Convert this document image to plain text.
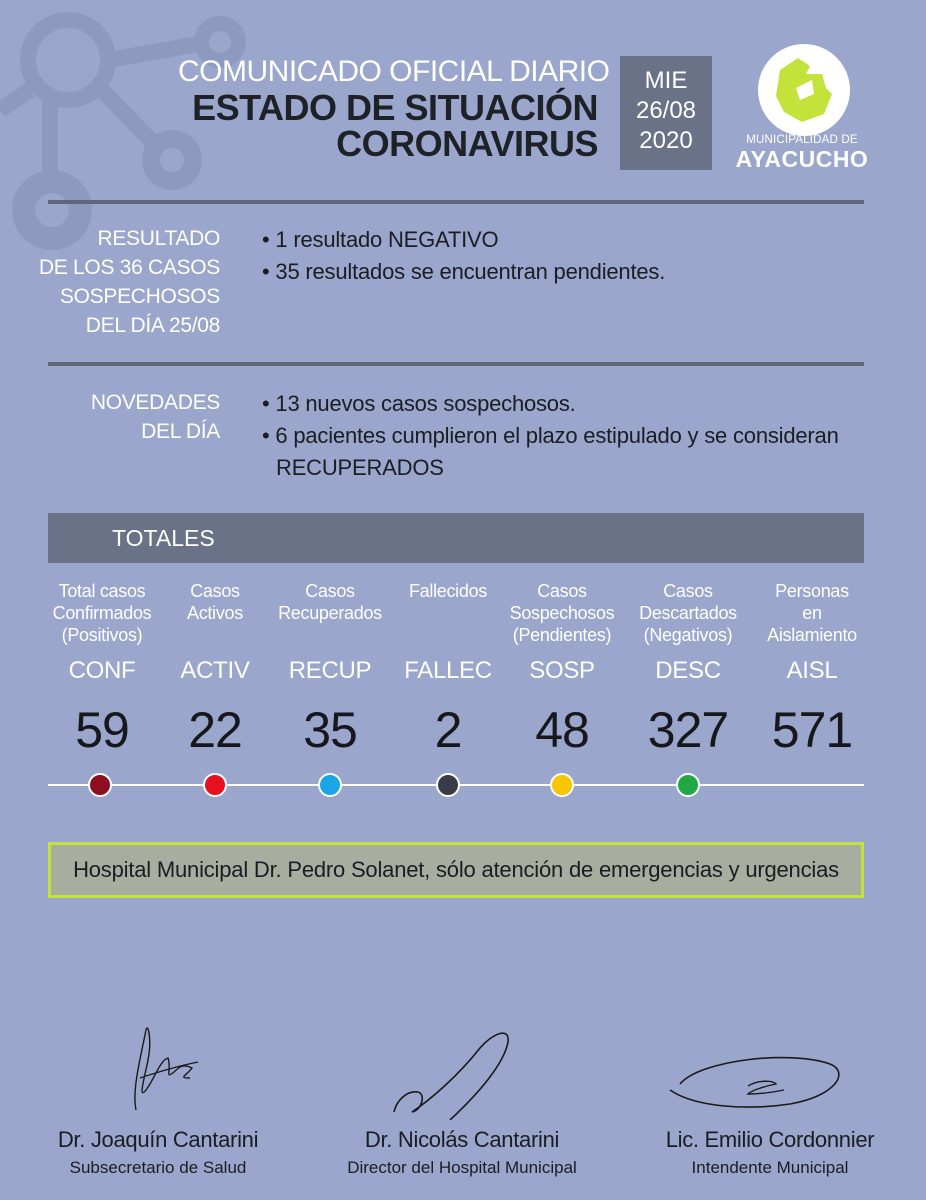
COMUNICADO OFICIAL DIARIO
ESTADO DE SITUACIÓN
CORONAVIRUS
MIE
26/08
2020	MUNICIPALIDAD DE
AYACUCHO
RESULTADO
DE LOS 36 CASOS
SOSPECHOSOS
DEL DÍA 25/08
• 1 resultado NEGATIVO
• 35 resultados se encuentran pendientes.
NOVEDADES
DEL DÍA
• 13 nuevos casos sospechosos.
• 6 pacientes cumplieron el plazo estipulado y se consideran RECUPERADOS
TOTALES
Total casos
Confirmados
(Positivos)
CONF
59
Casos
Activos
ACTIV
22
Casos
Recuperados
RECUP
35
Fallecidos
FALLEC
2
Casos
Sospechosos
(Pendientes)
SOSP
48
Casos
Descartados
(Negativos)
DESC
327
Personas
en
Aislamiento
AISL
571
Hospital Municipal Dr. Pedro Solanet, sólo atención de emergencias y urgencias
Dr. Joaquín Cantarini
Subsecretario de Salud
Dr. Nicolás Cantarini
Director del Hospital Municipal
Lic. Emilio Cordonnier
Intendente Municipal
